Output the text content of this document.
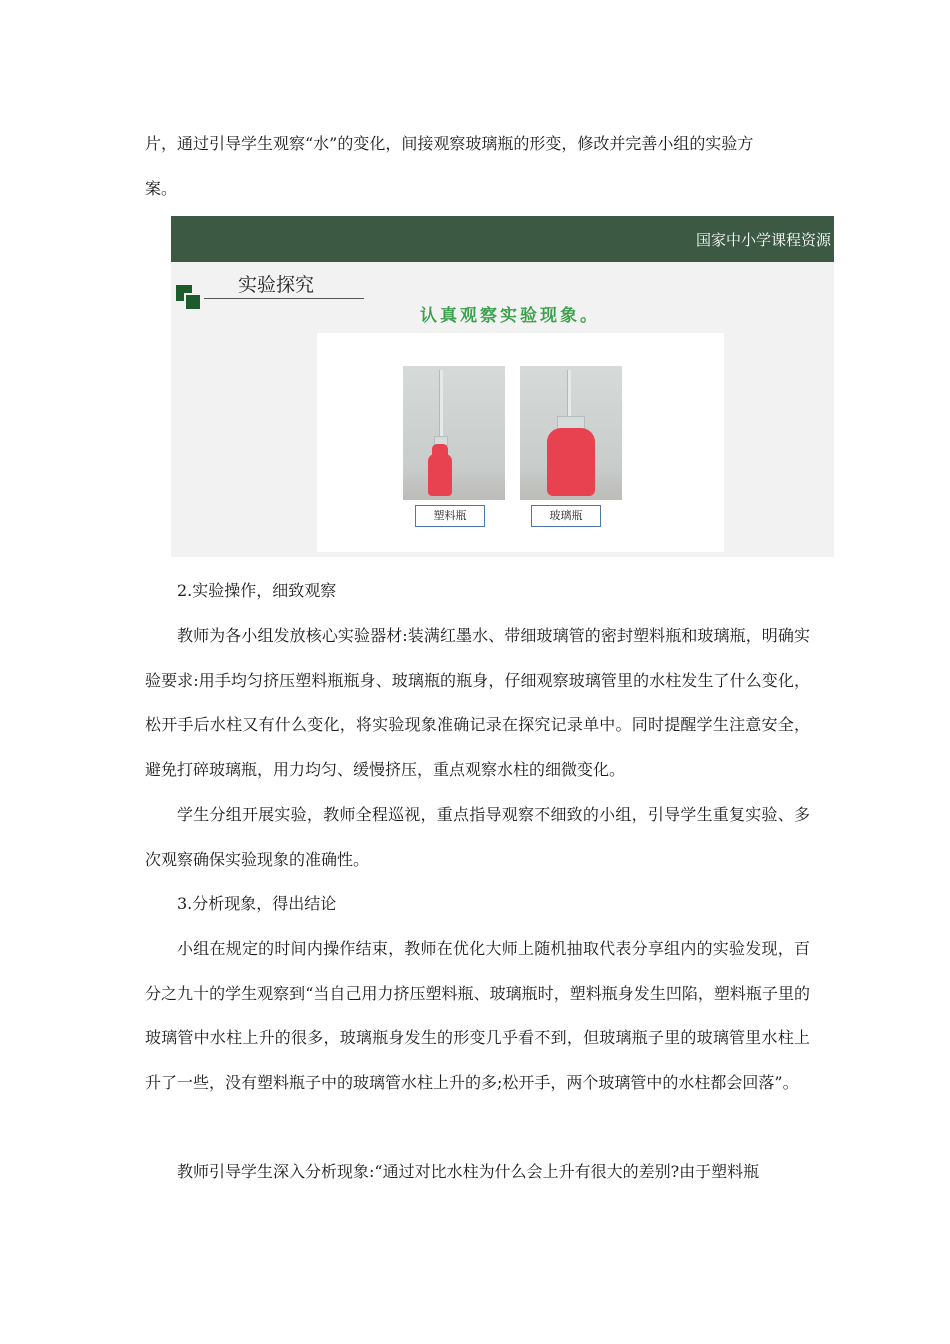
片，通过引导学生观察“水”的变化，间接观察玻璃瓶的形变，修改并完善小组的实验方

案。

国家中小学课程资源
实验探究
认真观察实验现象。
塑料瓶	玻璃瓶

2.实验操作，细致观察

教师为各小组发放核心实验器材:装满红墨水、带细玻璃管的密封塑料瓶和玻璃瓶，明确实验要求:用手均匀挤压塑料瓶瓶身、玻璃瓶的瓶身，仔细观察玻璃管里的水柱发生了什么变化，松开手后水柱又有什么变化，将实验现象准确记录在探究记录单中。同时提醒学生注意安全，避免打碎玻璃瓶，用力均匀、缓慢挤压，重点观察水柱的细微变化。

学生分组开展实验，教师全程巡视，重点指导观察不细致的小组，引导学生重复实验、多次观察确保实验现象的准确性。

3.分析现象，得出结论

小组在规定的时间内操作结束，教师在优化大师上随机抽取代表分享组内的实验发现，百分之九十的学生观察到“当自己用力挤压塑料瓶、玻璃瓶时，塑料瓶身发生凹陷，塑料瓶子里的玻璃管中水柱上升的很多，玻璃瓶身发生的形变几乎看不到，但玻璃瓶子里的玻璃管里水柱上升了一些，没有塑料瓶子中的玻璃管水柱上升的多;松开手，两个玻璃管中的水柱都会回落”。

教师引导学生深入分析现象:“通过对比水柱为什么会上升有很大的差别?由于塑料瓶
